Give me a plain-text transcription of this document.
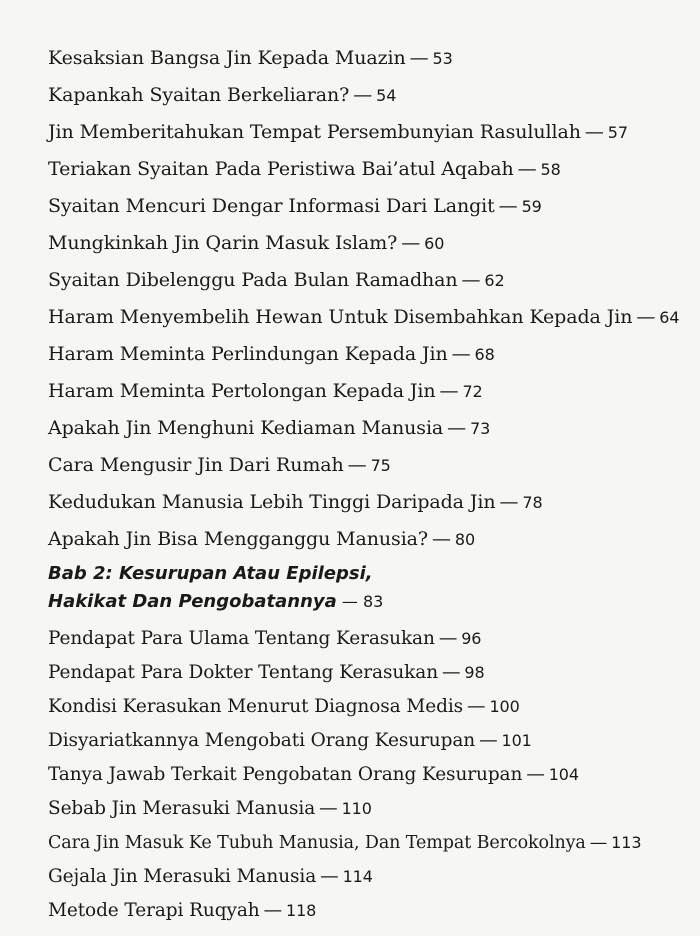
Kesaksian Bangsa Jin Kepada Muazin — 53
Kapankah Syaitan Berkeliaran? — 54
Jin Memberitahukan Tempat Persembunyian Rasulullah — 57
Teriakan Syaitan Pada Peristiwa Bai’atul Aqabah — 58
Syaitan Mencuri Dengar Informasi Dari Langit — 59
Mungkinkah Jin Qarin Masuk Islam? — 60
Syaitan Dibelenggu Pada Bulan Ramadhan — 62
Haram Menyembelih Hewan Untuk Disembahkan Kepada Jin — 64
Haram Meminta Perlindungan Kepada Jin — 68
Haram Meminta Pertolongan Kepada Jin — 72
Apakah Jin Menghuni Kediaman Manusia — 73
Cara Mengusir Jin Dari Rumah — 75
Kedudukan Manusia Lebih Tinggi Daripada Jin — 78
Apakah Jin Bisa Mengganggu Manusia? — 80
Bab 2: Kesurupan Atau Epilepsi,
Hakikat Dan Pengobatannya — 83
Pendapat Para Ulama Tentang Kerasukan — 96
Pendapat Para Dokter Tentang Kerasukan — 98
Kondisi Kerasukan Menurut Diagnosa Medis — 100
Disyariatkannya Mengobati Orang Kesurupan — 101
Tanya Jawab Terkait Pengobatan Orang Kesurupan — 104
Sebab Jin Merasuki Manusia — 110
Cara Jin Masuk Ke Tubuh Manusia, Dan Tempat Bercokolnya — 113
Gejala Jin Merasuki Manusia — 114
Metode Terapi Ruqyah — 118
